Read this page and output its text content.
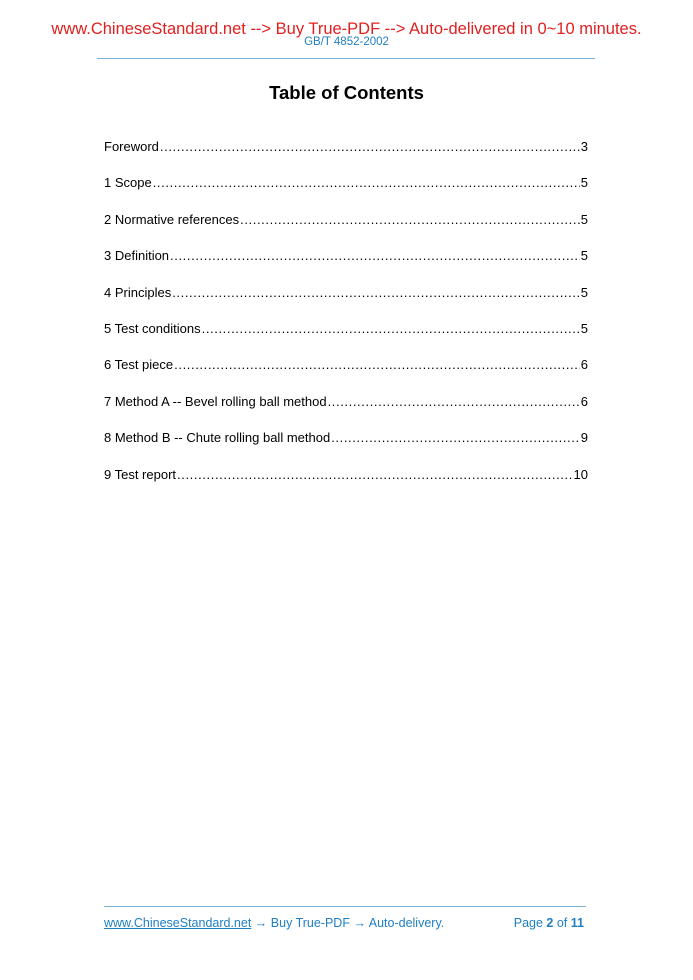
www.ChineseStandard.net --> Buy True-PDF --> Auto-delivered in 0~10 minutes.
GB/T 4852-2002
Table of Contents
Foreword .....	3
1 Scope .....	5
2 Normative references .....	5
3 Definition .....	5
4 Principles .....	5
5 Test conditions .....	5
6 Test piece .....	6
7 Method A -- Bevel rolling ball method .....	6
8 Method B -- Chute rolling ball method .....	9
9 Test report .....	10
www.ChineseStandard.net → Buy True-PDF → Auto-delivery.	Page 2 of 11
